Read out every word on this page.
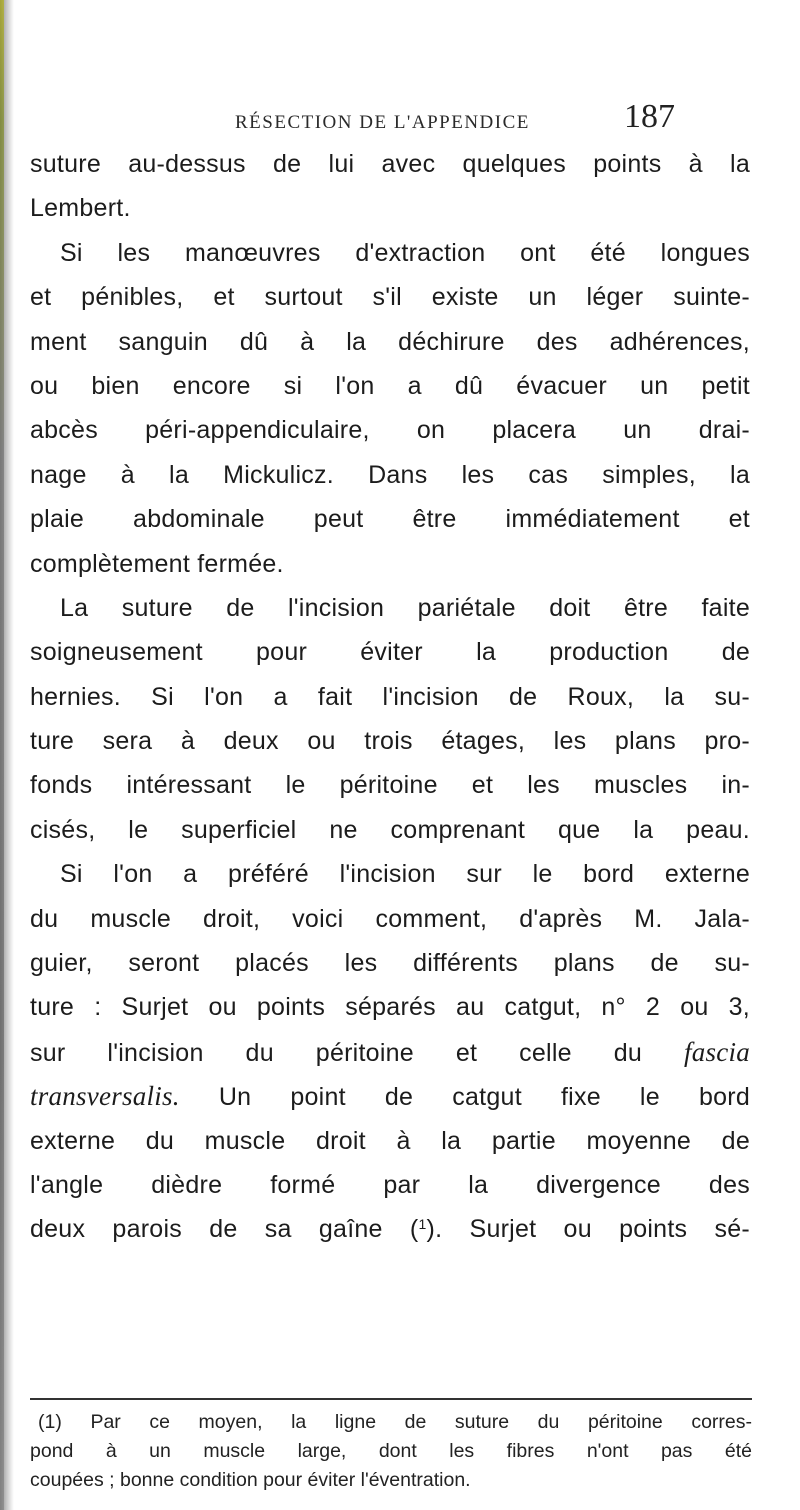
RÉSECTION DE L'APPENDICE	187
suture au-dessus de lui avec quelques points à la
Lembert.
Si les manœuvres d'extraction ont été longues
et pénibles, et surtout s'il existe un léger suinte-
ment sanguin dû à la déchirure des adhérences,
ou bien encore si l'on a dû évacuer un petit
abcès péri-appendiculaire, on placera un drai-
nage à la Mickulicz. Dans les cas simples, la
plaie abdominale peut être immédiatement et
complètement fermée.
La suture de l'incision pariétale doit être faite
soigneusement pour éviter la production de
hernies. Si l'on a fait l'incision de Roux, la su-
ture sera à deux ou trois étages, les plans pro-
fonds intéressant le péritoine et les muscles in-
cisés, le superficiel ne comprenant que la peau.
Si l'on a préféré l'incision sur le bord externe
du muscle droit, voici comment, d'après M. Jala-
guier, seront placés les différents plans de su-
ture : Surjet ou points séparés au catgut, n° 2 ou 3,
sur l'incision du péritoine et celle du fascia
transversalis. Un point de catgut fixe le bord
externe du muscle droit à la partie moyenne de
l'angle dièdre formé par la divergence des
deux parois de sa gaîne ($^1$). Surjet ou points sé-
(1) Par ce moyen, la ligne de suture du péritoine corres-
pond à un muscle large, dont les fibres n'ont pas été
coupées ; bonne condition pour éviter l'éventration.
